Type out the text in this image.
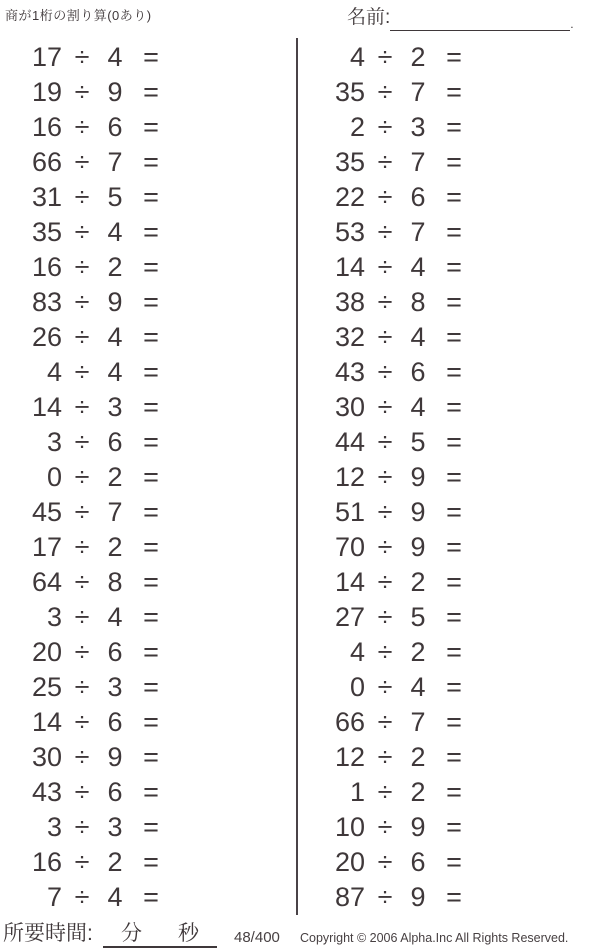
商が1桁の割り算(0あり)	名前:	.
17 ÷ 4 =
19 ÷ 9 =
16 ÷ 6 =
66 ÷ 7 =
31 ÷ 5 =
35 ÷ 4 =
16 ÷ 2 =
83 ÷ 9 =
26 ÷ 4 =
4 ÷ 4 =
14 ÷ 3 =
3 ÷ 6 =
0 ÷ 2 =
45 ÷ 7 =
17 ÷ 2 =
64 ÷ 8 =
3 ÷ 4 =
20 ÷ 6 =
25 ÷ 3 =
14 ÷ 6 =
30 ÷ 9 =
43 ÷ 6 =
3 ÷ 3 =
16 ÷ 2 =
7 ÷ 4 =
4 ÷ 2 =
35 ÷ 7 =
2 ÷ 3 =
35 ÷ 7 =
22 ÷ 6 =
53 ÷ 7 =
14 ÷ 4 =
38 ÷ 8 =
32 ÷ 4 =
43 ÷ 6 =
30 ÷ 4 =
44 ÷ 5 =
12 ÷ 9 =
51 ÷ 9 =
70 ÷ 9 =
14 ÷ 2 =
27 ÷ 5 =
4 ÷ 2 =
0 ÷ 4 =
66 ÷ 7 =
12 ÷ 2 =
1 ÷ 2 =
10 ÷ 9 =
20 ÷ 6 =
87 ÷ 9 =
所要時間: 分 秒 48/400 Copyright © 2006 Alpha.Inc All Rights Reserved.
